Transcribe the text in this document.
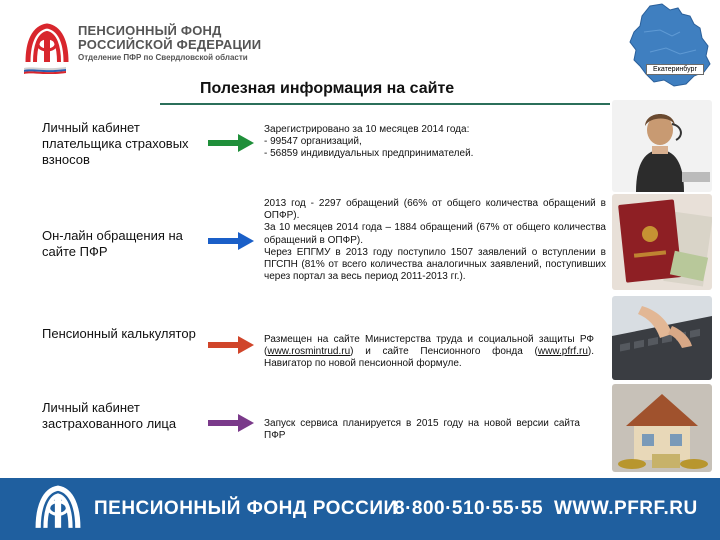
ПЕНСИОННЫЙ ФОНД
РОССИЙСКОЙ ФЕДЕРАЦИИ
Отделение ПФР по Свердловской области
Екатеринбург
Полезная информация на сайте
Личный кабинет плательщика страховых взносов
Зарегистрировано за 10 месяцев 2014 года:
- 99547 организаций,
- 56859 индивидуальных предпринимателей.
Он-лайн обращения на сайте ПФР
2013 год - 2297 обращений (66% от общего количества обращений в ОПФР).
За 10 месяцев 2014 года – 1884 обращений (67% от общего количества обращений в ОПФР).
Через ЕПГМУ в 2013 году поступило 1507 заявлений о вступлении в ПГСПН (81% от всего количества аналогичных заявлений, поступивших через портал за весь период 2011-2013 гг.).
Пенсионный калькулятор	Размещен на сайте Министерства труда и социальной защиты РФ (www.rosmintrud.ru) и сайте Пенсионного фонда (www.pfrf.ru). Навигатор по новой пенсионной формуле.
Личный кабинет застрахованного лица	Запуск сервиса планируется в 2015 году на новой версии сайта ПФР
ПЕНСИОННЫЙ ФОНД РОССИИ
8·800·510·55·55 WWW.PFRF.RU
